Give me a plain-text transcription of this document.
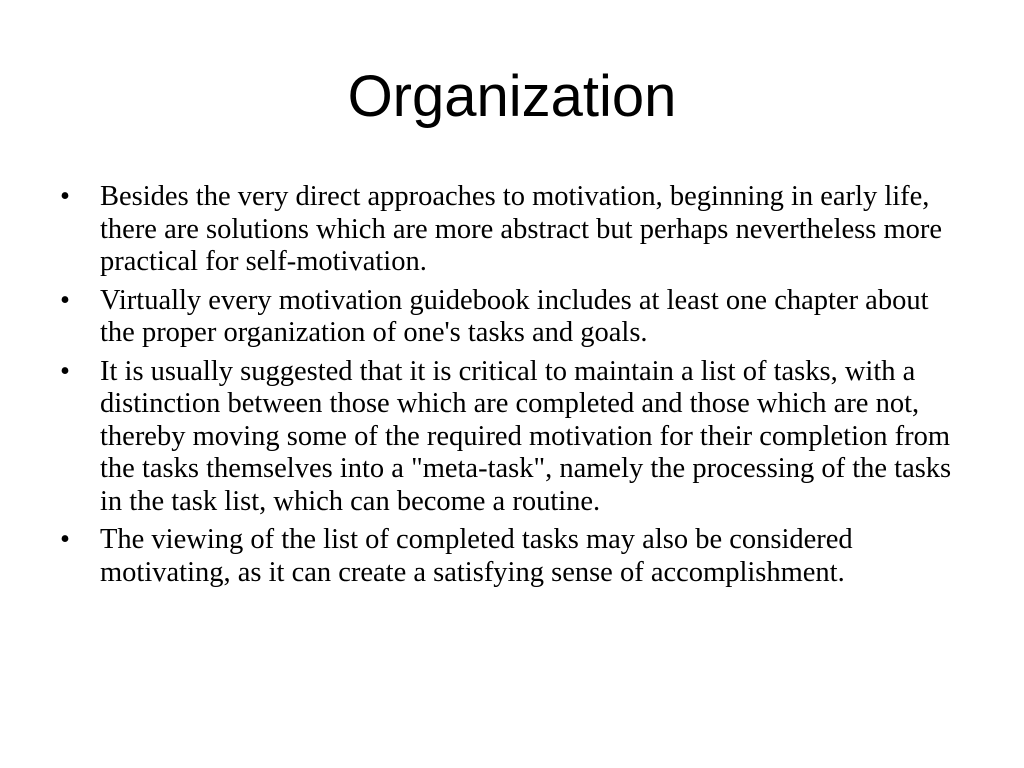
Organization
•	Besides the very direct approaches to motivation, beginning in early life, there are solutions which are more abstract but perhaps nevertheless more practical for self-motivation.
•	Virtually every motivation guidebook includes at least one chapter about the proper organization of one's tasks and goals.
•	It is usually suggested that it is critical to maintain a list of tasks, with a distinction between those which are completed and those which are not, thereby moving some of the required motivation for their completion from the tasks themselves into a "meta-task", namely the processing of the tasks in the task list, which can become a routine.
•	The viewing of the list of completed tasks may also be considered motivating, as it can create a satisfying sense of accomplishment.
